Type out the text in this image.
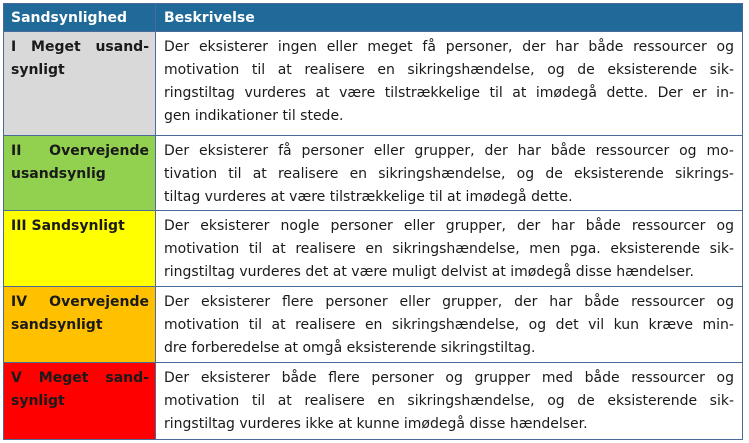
Sandsynlighed	Beskrivelse
I Meget usand-synligt
Der eksisterer ingen eller meget få personer, der har både ressourcer og
motivation til at realisere en sikringshændelse, og de eksisterende sik-
ringstiltag vurderes at være tilstrækkelige til at imødegå dette. Der er in-
gen indikationer til stede.
II Overvejende usandsynlig
Der eksisterer få personer eller grupper, der har både ressourcer og mo-
tivation til at realisere en sikringshændelse, og de eksisterende sikrings-
tiltag vurderes at være tilstrækkelige til at imødegå dette.
III Sandsynligt	Der eksisterer nogle personer eller grupper, der har både ressourcer og
motivation til at realisere en sikringshændelse, men pga. eksisterende sik-
ringstiltag vurderes det at være muligt delvist at imødegå disse hændelser.
IV Overvejende sandsynligt
Der eksisterer flere personer eller grupper, der har både ressourcer og
motivation til at realisere en sikringshændelse, og det vil kun kræve min-
dre forberedelse at omgå eksisterende sikringstiltag.
V Meget sand-synligt
Der eksisterer både flere personer og grupper med både ressourcer og
motivation til at realisere en sikringshændelse, og de eksisterende sik-
ringstiltag vurderes ikke at kunne imødegå disse hændelser.
